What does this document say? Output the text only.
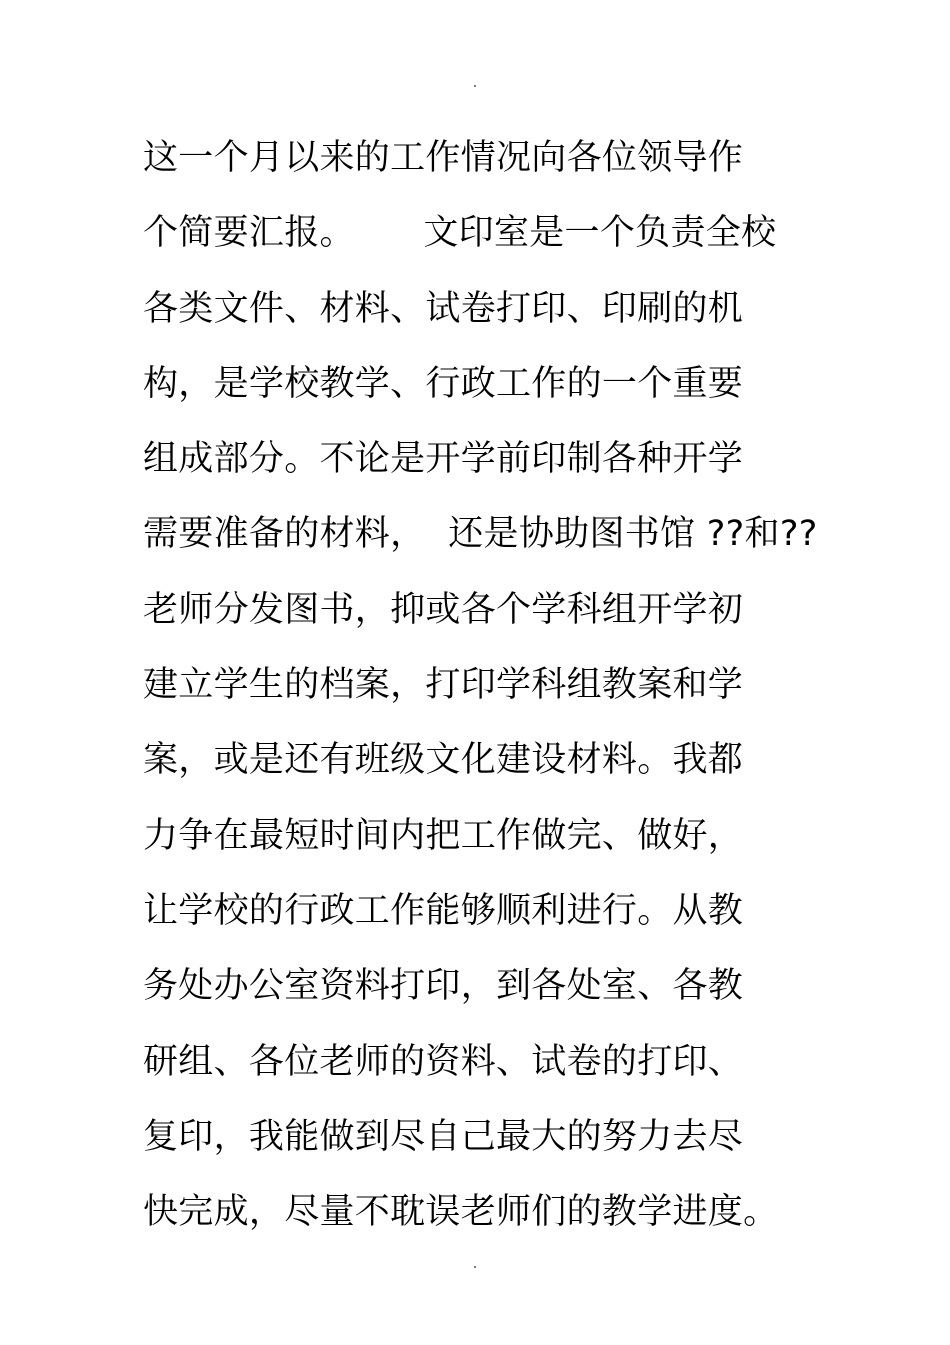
这一个月以来的工作情况向各位领导作
个简要汇报。      文印室是一个负责全校
各类文件、材料、试卷打印、印刷的机
构，是学校教学、行政工作的一个重要
组成部分。不论是开学前印制各种开学
需要准备的材料，  还是协助图书馆 ??和??
老师分发图书，抑或各个学科组开学初
建立学生的档案，打印学科组教案和学
案，或是还有班级文化建设材料。我都
力争在最短时间内把工作做完、做好，
让学校的行政工作能够顺利进行。从教
务处办公室资料打印，到各处室、各教
研组、各位老师的资料、试卷的打印、
复印，我能做到尽自己最大的努力去尽
快完成，尽量不耽误老师们的教学进度。
